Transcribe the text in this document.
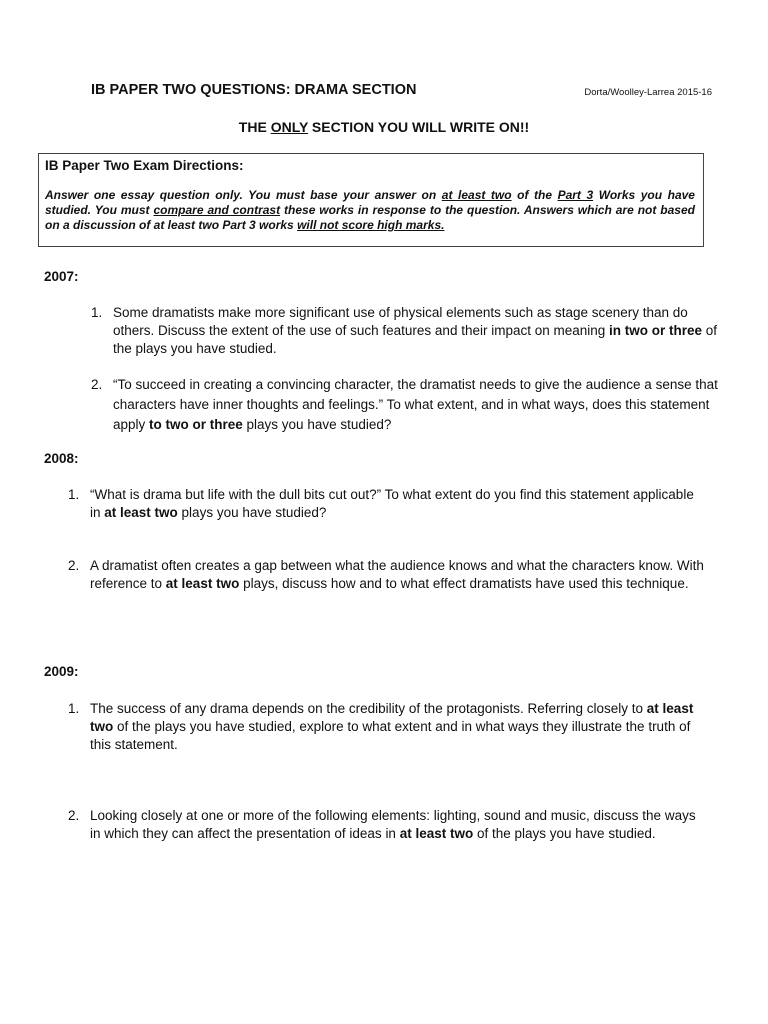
IB PAPER TWO QUESTIONS: DRAMA SECTION	Dorta/Woolley-Larrea 2015-16

THE ONLY SECTION YOU WILL WRITE ON!!

IB Paper Two Exam Directions:

Answer one essay question only. You must base your answer on at least two of the Part 3 Works you have studied. You must compare and contrast these works in response to the question. Answers which are not based on a discussion of at least two Part 3 works will not score high marks.

2007:

1. Some dramatists make more significant use of physical elements such as stage scenery than do others. Discuss the extent of the use of such features and their impact on meaning in two or three of the plays you have studied.
2. “To succeed in creating a convincing character, the dramatist needs to give the audience a sense that characters have inner thoughts and feelings.” To what extent, and in what ways, does this statement apply to two or three plays you have studied?

2008:

1. “What is drama but life with the dull bits cut out?” To what extent do you find this statement applicable in at least two plays you have studied?
2. A dramatist often creates a gap between what the audience knows and what the characters know. With reference to at least two plays, discuss how and to what effect dramatists have used this technique.

2009:

1. The success of any drama depends on the credibility of the protagonists. Referring closely to at least two of the plays you have studied, explore to what extent and in what ways they illustrate the truth of this statement.
2. Looking closely at one or more of the following elements: lighting, sound and music, discuss the ways in which they can affect the presentation of ideas in at least two of the plays you have studied.
